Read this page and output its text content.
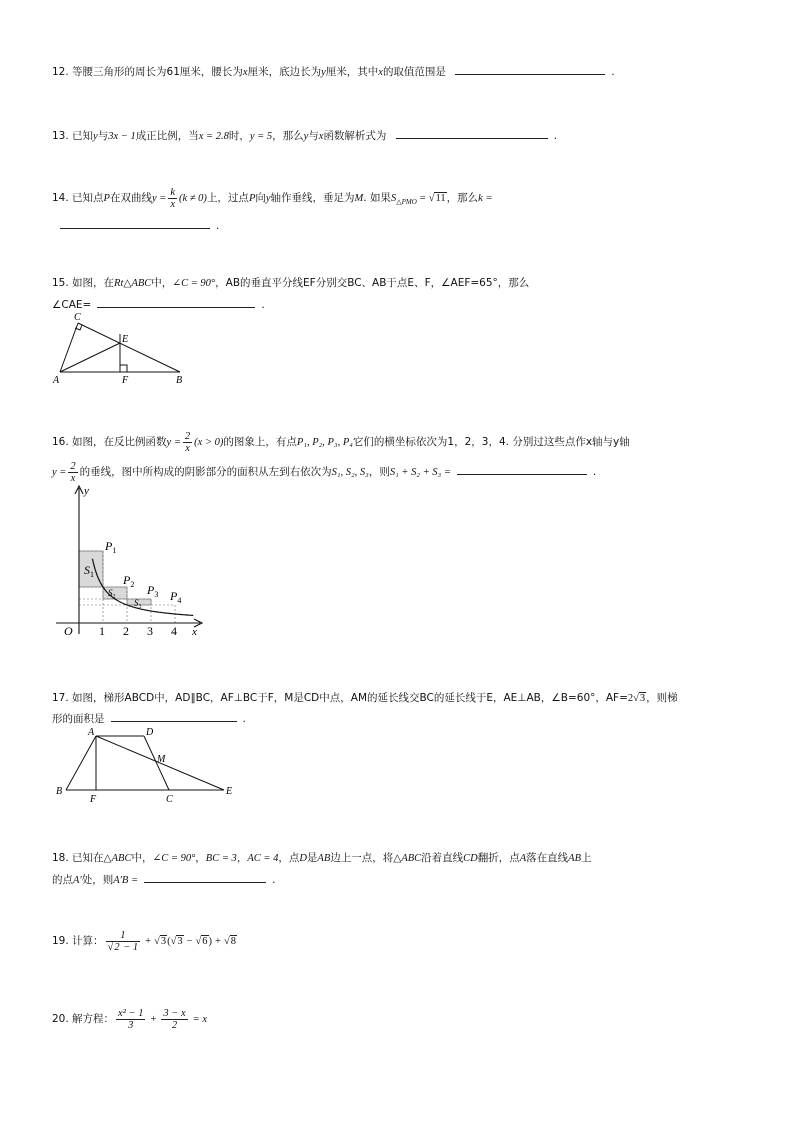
12. 等腰三角形的周长为61厘米，腰长为x厘米，底边长为y厘米，其中x的取值范围是	.
13. 已知y与3x − 1成正比例，当x = 2.8时，y = 5，那么y与x函数解析式为	.
14. 已知点P在双曲线$y = \frac{k}{x} (k \ne 0)$上，过点P向y轴作垂线，垂足为M. 如果$S_{\triangle PMO} = √11$，那么k =
.
15. 如图，在Rt△ABC中，∠C = 90°，AB的垂直平分线EF分别交BC、AB于点E、F，∠AEF=65°，那么
∠CAE=	.
C
E
A	F	B
16. 如图，在反比例函数$y = \frac{2}{x} (x > 0)$的图象上，有点P₁, P₂, P₃, P₄它们的横坐标依次为1，2，3，4. 分别过这些点作x轴与y轴
$y = \frac{2}{x}$ 的垂线，图中所构成的阴影部分的面积从左到右依次为S₁, S₂, S₃，则S₁ + S₂ + S₃ =	.
y
x
O 1 2 3 4
$P_1$
$P_2$ $P_3$ $P_4$
$S_1$
$S_2$
$S_3$
17. 如图，梯形ABCD中，AD∥BC，AF⊥BC于F，M是CD中点，AM的延长线交BC的延长线于E，AE⊥AB，∠B=60°，AF=2√3，则梯
形的面积是	.
A	D
M
B
F	C
E
18. 已知在△ABC中，∠C = 90°，BC = 3，AC = 4，点D是AB边上一点，将△ABC沿着直线CD翻折，点A落在直线AB上
的点A′处，则A′B =	.
19. 计算： $\frac{1}{√2 - 1} + √3(√3 - √6) + √8$
20. 解方程： $\frac{\text{x² − 1}}{3} + \frac{3 - x}{2} = x$
